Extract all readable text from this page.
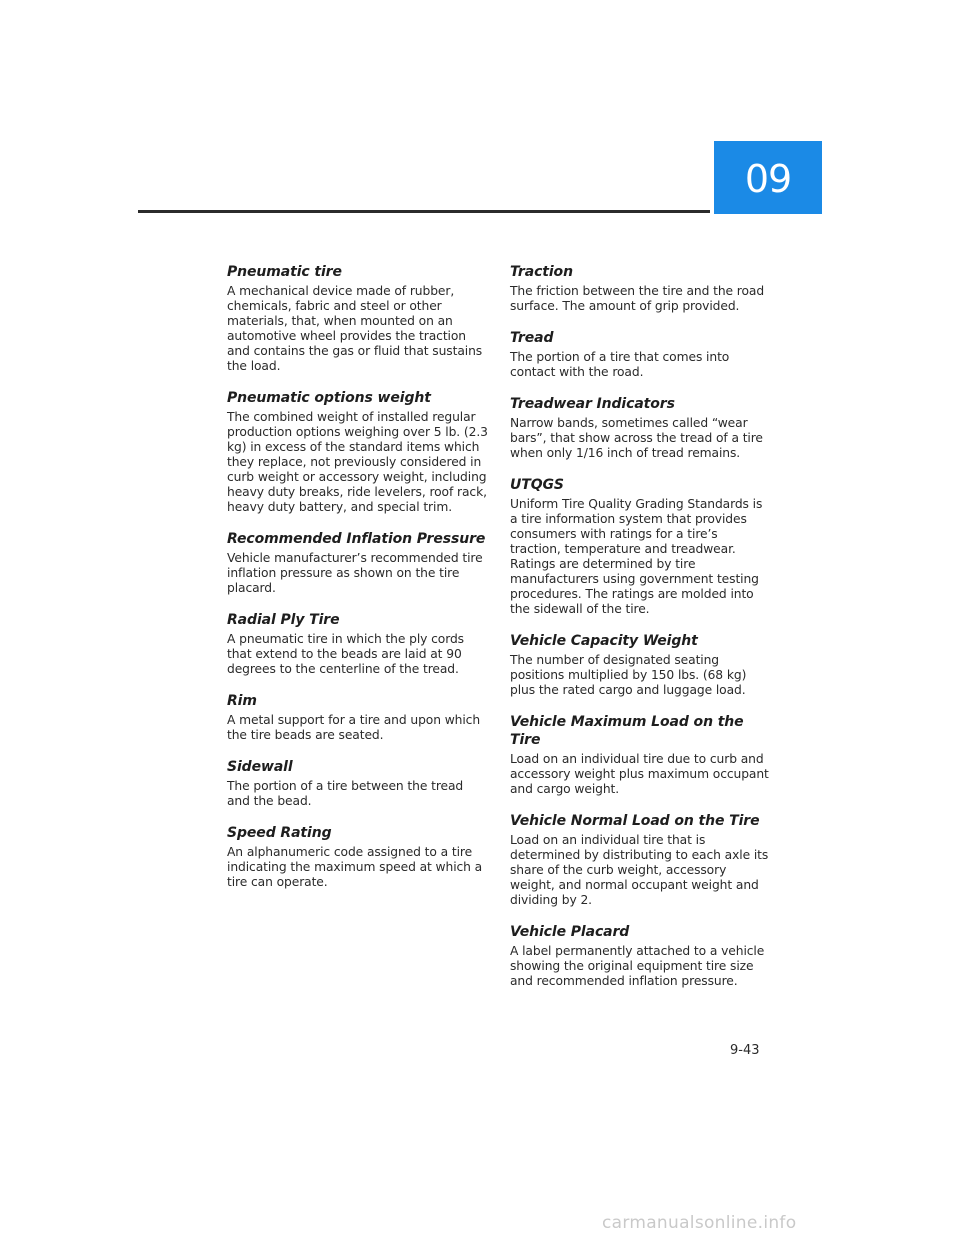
09

Pneumatic tire

A mechanical device made of rubber, chemicals, fabric and steel or other materials, that, when mounted on an automotive wheel provides the traction and contains the gas or fluid that sustains the load.

Pneumatic options weight

The combined weight of installed regular production options weighing over 5 lb. (2.3 kg) in excess of the standard items which they replace, not previously considered in curb weight or accessory weight, including heavy duty breaks, ride levelers, roof rack, heavy duty battery, and special trim.

Recommended Inflation Pressure

Vehicle manufacturer’s recommended tire inflation pressure as shown on the tire placard.

Radial Ply Tire

A pneumatic tire in which the ply cords that extend to the beads are laid at 90 degrees to the centerline of the tread.

Rim

A metal support for a tire and upon which the tire beads are seated.

Sidewall

The portion of a tire between the tread and the bead.

Speed Rating

An alphanumeric code assigned to a tire indicating the maximum speed at which a tire can operate.

Traction

The friction between the tire and the road surface. The amount of grip provided.

Tread

The portion of a tire that comes into contact with the road.

Treadwear Indicators

Narrow bands, sometimes called “wear bars”, that show across the tread of a tire when only 1/16 inch of tread remains.

UTQGS

Uniform Tire Quality Grading Standards is a tire information system that provides consumers with ratings for a tire’s traction, temperature and treadwear. Ratings are determined by tire manufacturers using government testing procedures. The ratings are molded into the sidewall of the tire.

Vehicle Capacity Weight

The number of designated seating positions multiplied by 150 lbs. (68 kg) plus the rated cargo and luggage load.

Vehicle Maximum Load on the Tire

Load on an individual tire due to curb and accessory weight plus maximum occupant and cargo weight.

Vehicle Normal Load on the Tire

Load on an individual tire that is determined by distributing to each axle its share of the curb weight, accessory weight, and normal occupant weight and dividing by 2.

Vehicle Placard

A label permanently attached to a vehicle showing the original equipment tire size and recommended inflation pressure.

9-43
carmanualsonline.info
